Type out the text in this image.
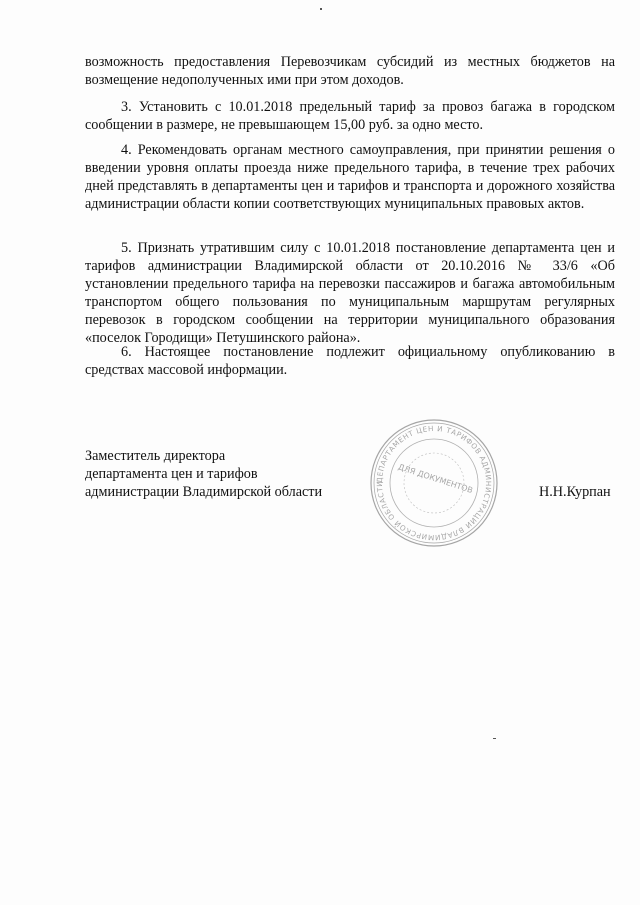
возможность предоставления Перевозчикам субсидий из местных бюджетов на возмещение недополученных ими при этом доходов.

3. Установить с 10.01.2018 предельный тариф за провоз багажа в городском сообщении в размере, не превышающем 15,00 руб. за одно место.

4. Рекомендовать органам местного самоуправления, при принятии решения о введении уровня оплаты проезда ниже предельного тарифа, в течение трех рабочих дней представлять в департаменты цен и тарифов и транспорта и дорожного хозяйства администрации области копии соответствующих муниципальных правовых актов.

5. Признать утратившим силу с 10.01.2018 постановление департамента цен и тарифов администрации Владимирской области от 20.10.2016 № 33/6 «Об установлении предельного тарифа на перевозки пассажиров и багажа автомобильным транспортом общего пользования по муниципальным маршрутам регулярных перевозок в городском сообщении на территории муниципального образования «поселок Городищи» Петушинского района».

6. Настоящее постановление подлежит официальному опубликованию в средствах массовой информации.

Заместитель директора
департамента цен и тарифов
администрации Владимирской области
ДЕПАРТАМЕНТ ЦЕН И ТАРИФОВ АДМИНИСТРАЦИИ ВЛАДИМИРСКОЙ ОБЛАСТИ	ДЛЯ ДОКУМЕНТОВ	Н.Н.Курпан
